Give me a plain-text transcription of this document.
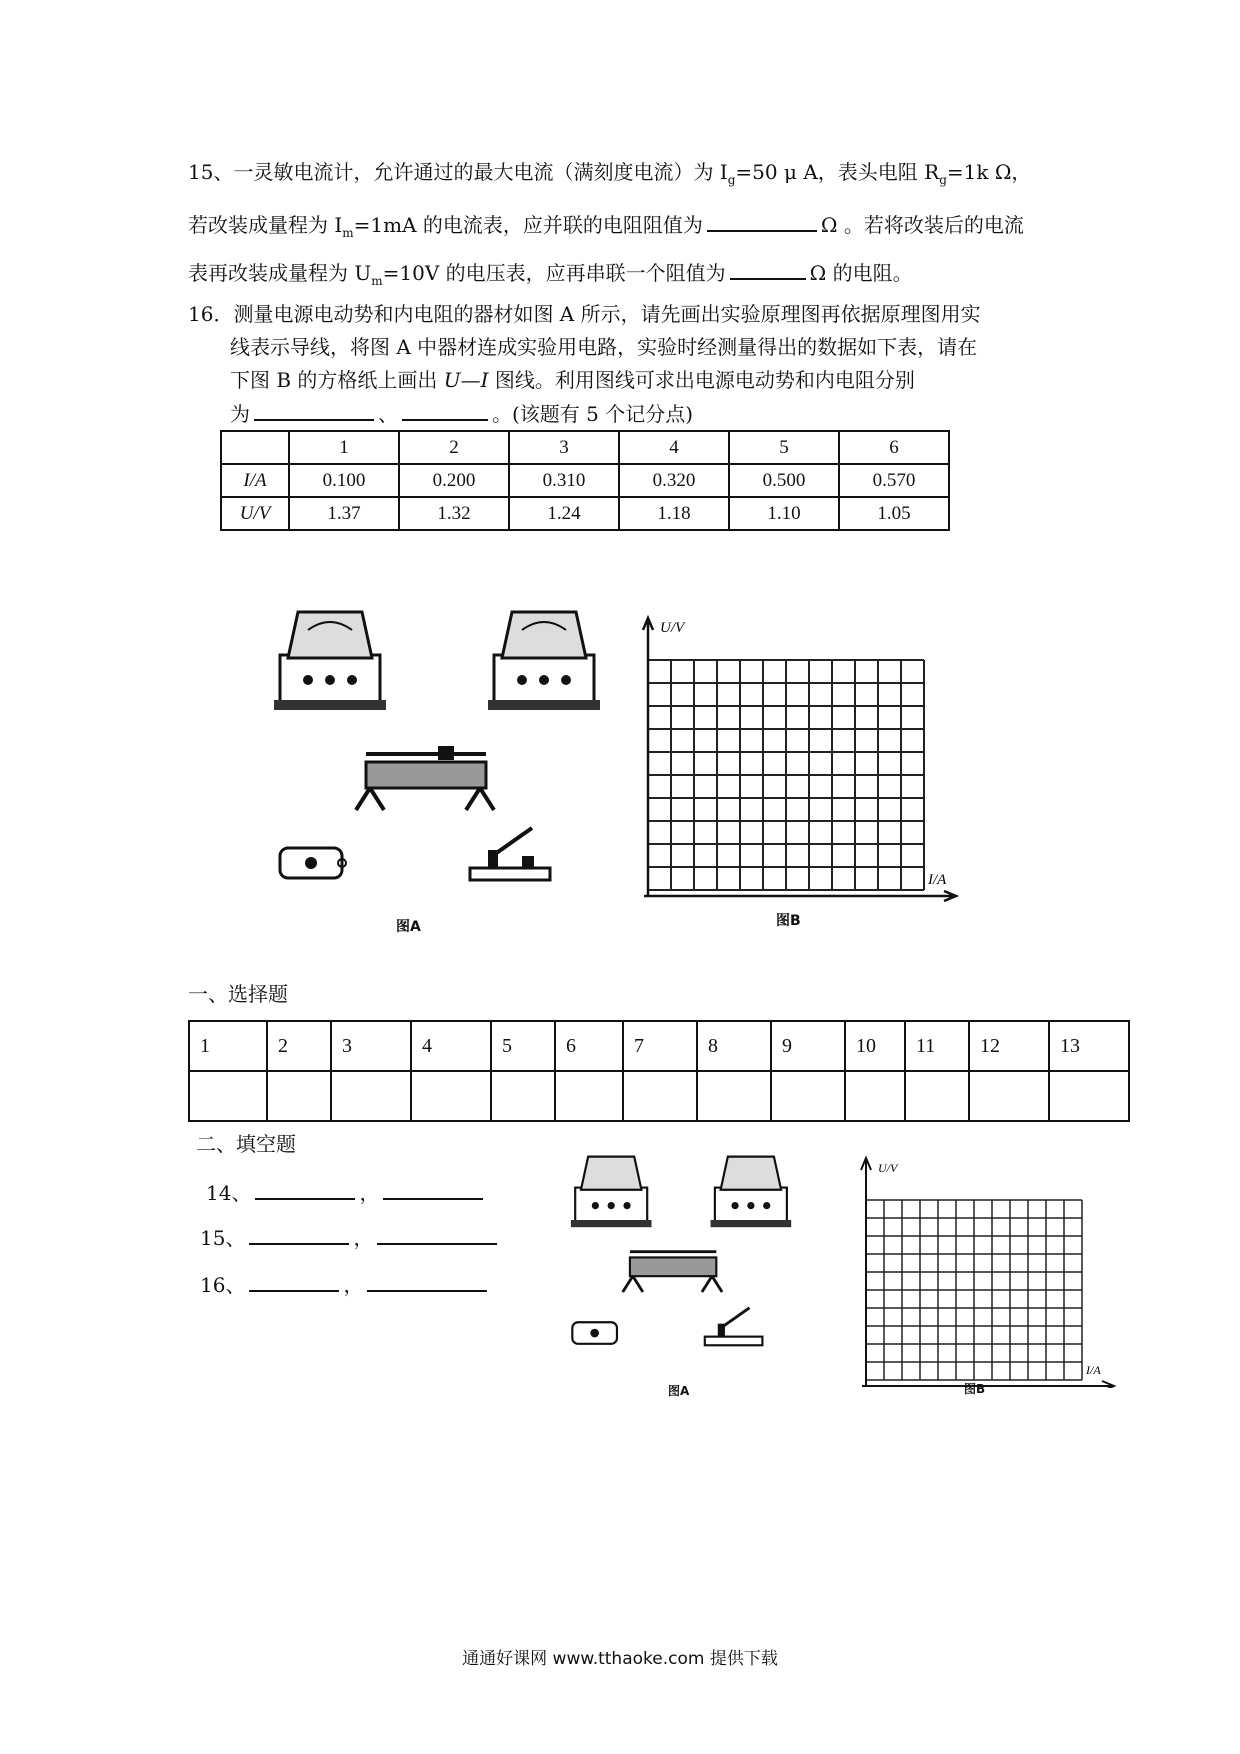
15、一灵敏电流计，允许通过的最大电流（满刻度电流）为 $I_g=50$ μ A，表头电阻 $R_g=1k$ Ω，
若改装成量程为 $I_m=1mA$ 的电流表，应并联的电阻阻值为	Ω 。若将改装后的电流
表再改装成量程为 $U_m=10V$ 的电压表，应再串联一个阻值为	Ω 的电阻。
16．测量电源电动势和内电阻的器材如图 A 所示，请先画出实验原理图再依据原理图用实
线表示导线，将图 A 中器材连成实验用电路，实验时经测量得出的数据如下表，请在
下图 B 的方格纸上画出 U—I 图线。利用图线可求出电源电动势和内电阻分别
为	、	。(该题有 5 个记分点)
	1	2	3	4	5	6
I/A	0.100	0.200	0.310	0.320	0.500	0.570
U/V	1.37	1.32	1.24	1.18	1.10	1.05
图A
U/V
I/A
图B
一、选择题
1	2	3	4	5	6	7	8	9	10	11	12	13

二、填空题
14、	，
15、	，
16、	，
图A
U/V
I/A
图B
通通好课网 www.tthaoke.com 提供下载
